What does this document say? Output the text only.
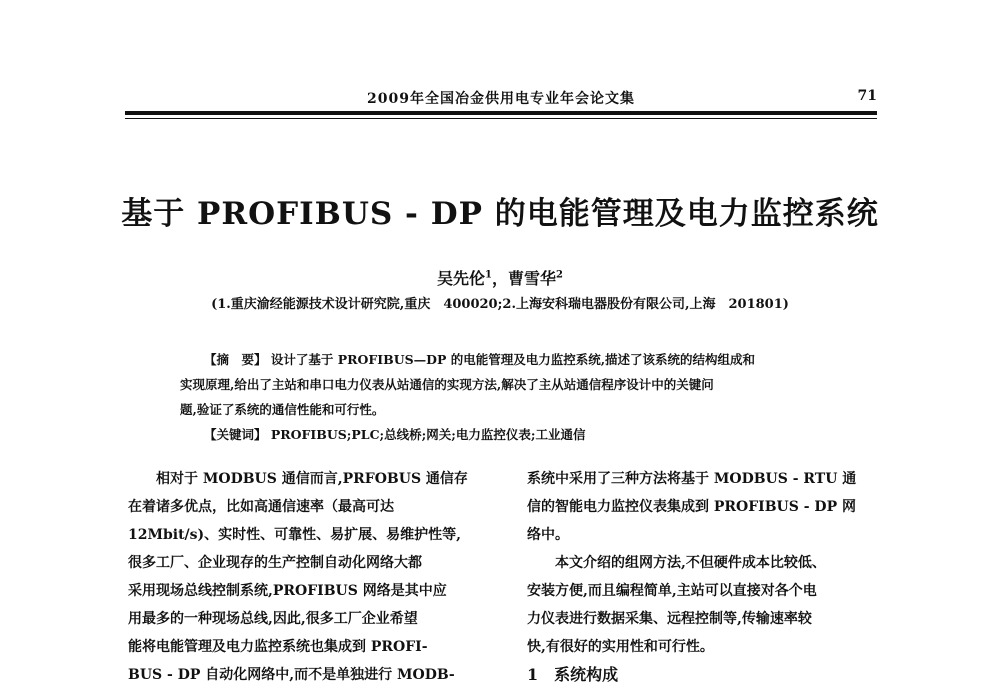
2009年全国冶金供用电专业年会论文集	71
基于 PROFIBUS - DP 的电能管理及电力监控系统
吴先伦$^1$，曹雪华$^2$
(1.重庆渝经能源技术设计研究院,重庆　400020;2.上海安科瑞电器股份有限公司,上海　201801)

【摘　要】 设计了基于 PROFIBUS—DP 的电能管理及电力监控系统,描述了该系统的结构组成和

实现原理,给出了主站和串口电力仪表从站通信的实现方法,解决了主从站通信程序设计中的关键问

题,验证了系统的通信性能和可行性。

【关键词】 PROFIBUS;PLC;总线桥;网关;电力监控仪表;工业通信

相对于 MODBUS 通信而言,PRFOBUS 通信存

在着诸多优点，比如高通信速率（最高可达

12Mbit/s)、实时性、可靠性、易扩展、易维护性等,

很多工厂、企业现存的生产控制自动化网络大都

采用现场总线控制系统,PROFIBUS 网络是其中应

用最多的一种现场总线,因此,很多工厂企业希望

能将电能管理及电力监控系统也集成到 PROFI-

BUS - DP 自动化网络中,而不是单独进行 MODB-

系统中采用了三种方法将基于 MODBUS - RTU 通

信的智能电力监控仪表集成到 PROFIBUS - DP 网

络中。

本文介绍的组网方法,不但硬件成本比较低、

安装方便,而且编程简单,主站可以直接对各个电

力仪表进行数据采集、远程控制等,传输速率较

快,有很好的实用性和可行性。

1　系统构成
